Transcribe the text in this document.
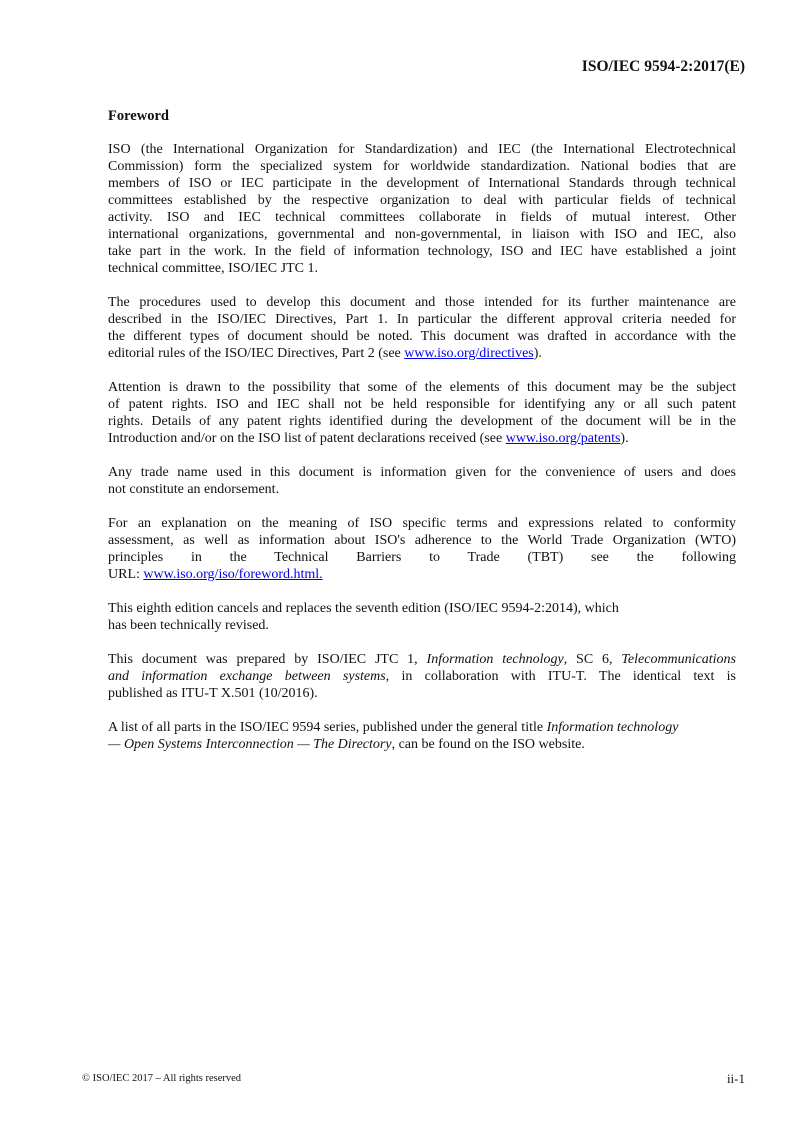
ISO/IEC 9594-2:2017(E)
Foreword
ISO (the International Organization for Standardization) and IEC (the International Electrotechnical
Commission) form the specialized system for worldwide standardization. National bodies that are
members of ISO or IEC participate in the development of International Standards through technical
committees established by the respective organization to deal with particular fields of technical
activity. ISO and IEC technical committees collaborate in fields of mutual interest. Other
international organizations, governmental and non-governmental, in liaison with ISO and IEC, also
take part in the work. In the field of information technology, ISO and IEC have established a joint
technical committee, ISO/IEC JTC 1.
The procedures used to develop this document and those intended for its further maintenance are
described in the ISO/IEC Directives, Part 1. In particular the different approval criteria needed for
the different types of document should be noted. This document was drafted in accordance with the
editorial rules of the ISO/IEC Directives, Part 2 (see www.iso.org/directives).
Attention is drawn to the possibility that some of the elements of this document may be the subject
of patent rights. ISO and IEC shall not be held responsible for identifying any or all such patent
rights. Details of any patent rights identified during the development of the document will be in the
Introduction and/or on the ISO list of patent declarations received (see www.iso.org/patents).
Any trade name used in this document is information given for the convenience of users and does
not constitute an endorsement.
For an explanation on the meaning of ISO specific terms and expressions related to conformity
assessment, as well as information about ISO's adherence to the World Trade Organization (WTO)
principles in the Technical Barriers to Trade (TBT) see the following
URL: www.iso.org/iso/foreword.html.
This eighth edition cancels and replaces the seventh edition (ISO/IEC 9594-2:2014), which
has been technically revised.
This document was prepared by ISO/IEC JTC 1, Information technology, SC 6, Telecommunications
and information exchange between systems, in collaboration with ITU-T. The identical text is
published as ITU-T X.501 (10/2016).
A list of all parts in the ISO/IEC 9594 series, published under the general title Information technology
— Open Systems Interconnection — The Directory, can be found on the ISO website.
© ISO/IEC 2017 – All rights reserved	ii-1
